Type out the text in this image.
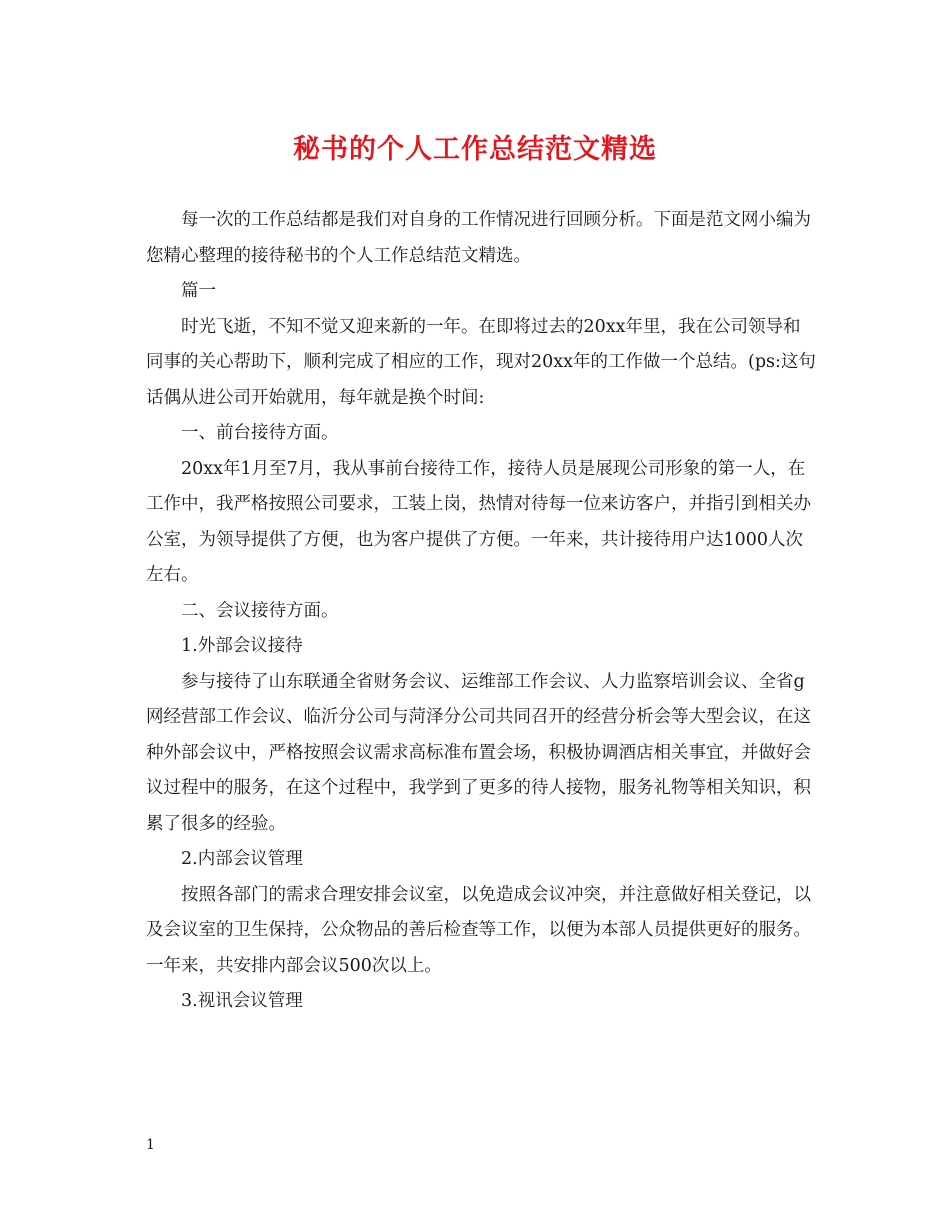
秘书的个人工作总结范文精选

每一次的工作总结都是我们对自身的工作情况进行回顾分析。下面是范文网小编为您精心整理的接待秘书的个人工作总结范文精选。

篇一

时光飞逝，不知不觉又迎来新的一年。在即将过去的20xx年里，我在公司领导和同事的关心帮助下，顺利完成了相应的工作，现对20xx年的工作做一个总结。(ps:这句话偶从进公司开始就用，每年就是换个时间:

一、前台接待方面。

20xx年1月至7月，我从事前台接待工作，接待人员是展现公司形象的第一人，在工作中，我严格按照公司要求，工装上岗，热情对待每一位来访客户，并指引到相关办公室，为领导提供了方便，也为客户提供了方便。一年来，共计接待用户达1000人次左右。

二、会议接待方面。

1.外部会议接待

参与接待了山东联通全省财务会议、运维部工作会议、人力监察培训会议、全省g网经营部工作会议、临沂分公司与菏泽分公司共同召开的经营分析会等大型会议，在这种外部会议中，严格按照会议需求高标准布置会场，积极协调酒店相关事宜，并做好会议过程中的服务，在这个过程中，我学到了更多的待人接物，服务礼物等相关知识，积累了很多的经验。

2.内部会议管理

按照各部门的需求合理安排会议室，以免造成会议冲突，并注意做好相关登记，以及会议室的卫生保持，公众物品的善后检查等工作，以便为本部人员提供更好的服务。一年来，共安排内部会议500次以上。

3.视讯会议管理

1
